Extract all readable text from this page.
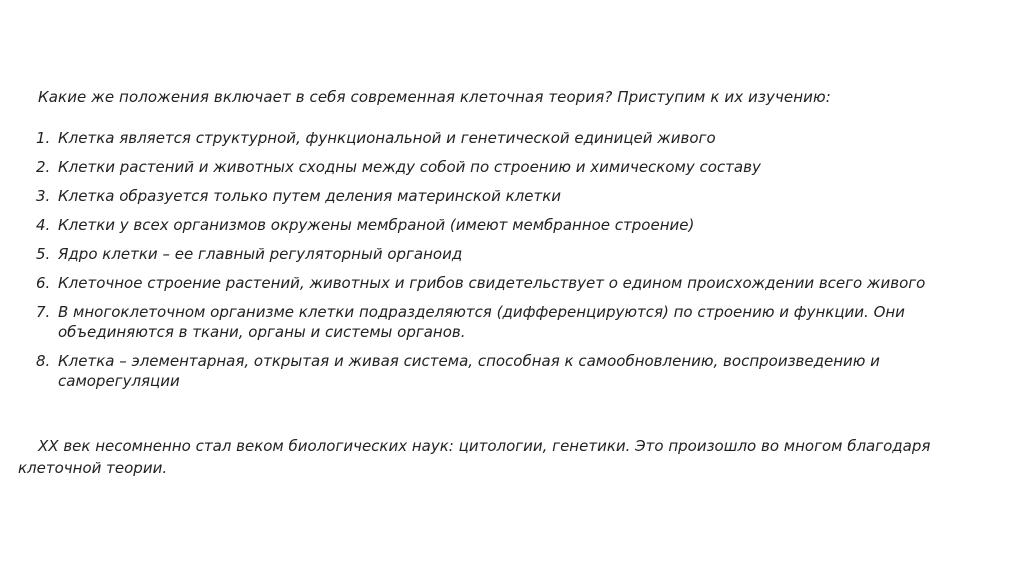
Какие же положения включает в себя современная клеточная теория? Приступим к их изучению:
1. Клетка является структурной, функциональной и генетической единицей живого
2. Клетки растений и животных сходны между собой по строению и химическому составу
3. Клетка образуется только путем деления материнской клетки
4. Клетки у всех организмов окружены мембраной (имеют мембранное строение)
5. Ядро клетки – ее главный регуляторный органоид
6. Клеточное строение растений, животных и грибов свидетельствует о едином происхождении всего живого
7. В многоклеточном организме клетки подразделяются (дифференцируются) по строению и функции. Они объединяются в ткани, органы и системы органов.
8. Клетка – элементарная, открытая и живая система, способная к самообновлению, воспроизведению и саморегуляции
XX век несомненно стал веком биологических наук: цитологии, генетики. Это произошло во многом благодаря клеточной теории.
